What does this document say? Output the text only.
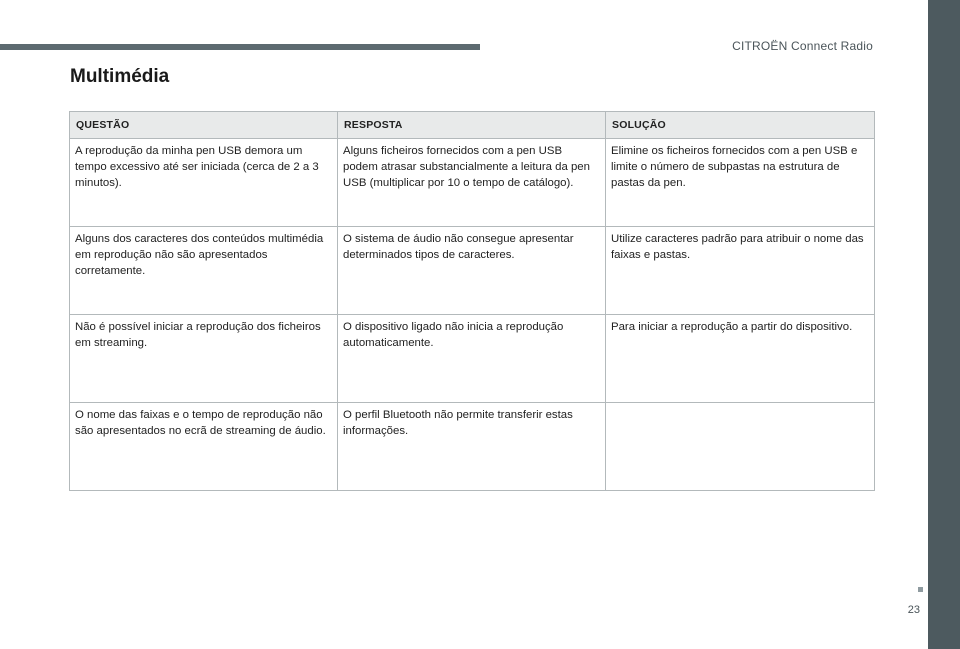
CITROËN Connect Radio
Multimédia
QUESTÃO	RESPOSTA	SOLUÇÃO
A reprodução da minha pen USB demora um tempo excessivo até ser iniciada (cerca de 2 a 3 minutos).	Alguns ficheiros fornecidos com a pen USB podem atrasar substancialmente a leitura da pen USB (multiplicar por 10 o tempo de catálogo).	Elimine os ficheiros fornecidos com a pen USB e limite o número de subpastas na estrutura de pastas da pen.
Alguns dos caracteres dos conteúdos multimédia em reprodução não são apresentados corretamente.	O sistema de áudio não consegue apresentar determinados tipos de caracteres.	Utilize caracteres padrão para atribuir o nome das faixas e pastas.
Não é possível iniciar a reprodução dos ficheiros em streaming.	O dispositivo ligado não inicia a reprodução automaticamente.	Para iniciar a reprodução a partir do dispositivo.
O nome das faixas e o tempo de reprodução não são apresentados no ecrã de streaming de áudio.	O perfil Bluetooth não permite transferir estas informações.	
23
